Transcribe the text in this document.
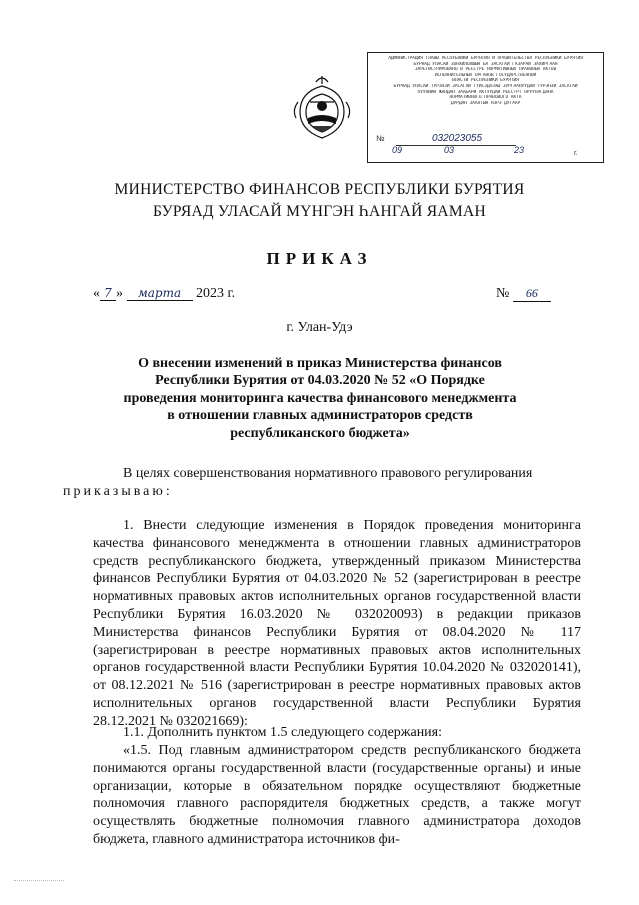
АДМИНИСТРАЦИЯ ГЛАВЫ РЕСПУБЛИКИ БУРЯТИЯ И ПРАВИТЕЛЬСТВА РЕСПУБЛИКИ БУРЯТИЯ
БУРЯАД УЛАСАЙ ЗОНХИЛОЛШЫН БА ЗАСАГАЙ ГАЗАРАЙ ЗАХИРГААН
ЗАРЕГИСТРИРОВАНО В РЕЕСТРЕ НОРМАТИВНЫХ ПРАВОВЫХ АКТОВ
ИСПОЛНИТЕЛЬНЫХ ОРГАНОВ ГОСУДАРСТВЕННОЙ
ВЛАСТИ РЕСПУБЛИКИ БУРЯТИЯ
БУРЯАД УЛАСАЙ ТУРЭНЭЙ ЗАСАГАЙ ГҮЙСЭДХЭХЫ ЗУРГААНУУДАЙ ТУРЭНЭЙ ЗАСАГАЙ
ХУУЛИИН ЖАНДАН ЗААБАРИ АКТУУДАЙ РЕЕСТРТ ОРУУЛАГДАНА
НОРМАТИВНОГО ПРАВОВОГО АКТА
ДУРДАН ЗААЛТЫН НЭРЭ ДУГААР
№	032023055
09	03	23	г.
МИНИСТЕРСТВО ФИНАНСОВ РЕСПУБЛИКИ БУРЯТИЯ
БУРЯАД УЛАСАЙ МҮНГЭН ҺАНГАЙ ЯАМАН
ПРИКАЗ
« 7 » марта 2023 г.	№ 66
г. Улан-Удэ
О внесении изменений в приказ Министерства финансов Республики Бурятия от 04.03.2020 № 52 «О Порядке проведения мониторинга качества финансового менеджмента в отношении главных администраторов средств республиканского бюджета»
В целях совершенствования нормативного правового регулирования
приказываю:
1. Внести следующие изменения в Порядок проведения мониторинга качества финансового менеджмента в отношении главных администраторов средств республиканского бюджета, утвержденный приказом Министерства финансов Республики Бурятия от 04.03.2020 № 52 (зарегистрирован в реестре нормативных правовых актов исполнительных органов государственной власти Республики Бурятия 16.03.2020 № 032020093) в редакции приказов Министерства финансов Республики Бурятия от 08.04.2020 № 117 (зарегистрирован в реестре нормативных правовых актов исполнительных органов государственной власти Республики Бурятия 10.04.2020 № 032020141), от 08.12.2021 № 516 (зарегистрирован в реестре нормативных правовых актов исполнительных органов государственной власти Республики Бурятия 28.12.2021 № 032021669):
1.1. Дополнить пунктом 1.5 следующего содержания:
«1.5. Под главным администратором средств республиканского бюджета понимаются органы государственной власти (государственные органы) и иные организации, которые в обязательном порядке осуществляют бюджетные полномочия главного распорядителя бюджетных средств, а также могут осуществлять бюджетные полномочия главного администратора доходов бюджета, главного администратора источников фи-
